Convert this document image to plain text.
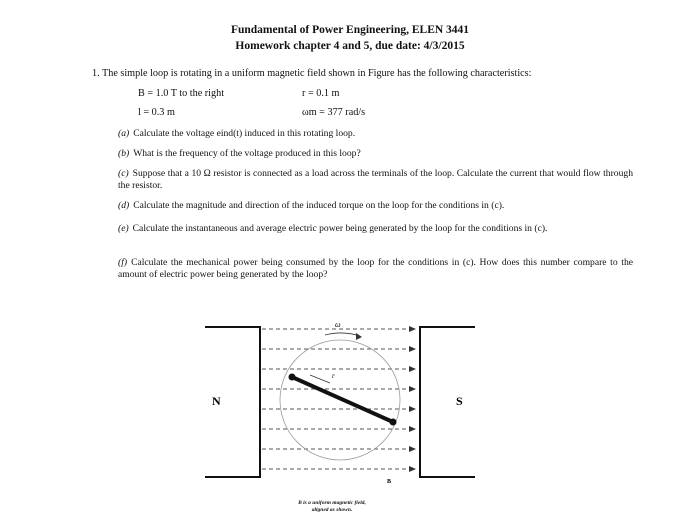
Fundamental of Power Engineering, ELEN 3441
Homework chapter 4 and 5, due date: 4/3/2015
1. The simple loop is rotating in a uniform magnetic field shown in Figure has the following characteristics:
B = 1.0 T to the right	r = 0.1 m
l = 0.3 m	ωm = 377 rad/s
(a) Calculate the voltage eind(t) induced in this rotating loop.
(b) What is the frequency of the voltage produced in this loop?
(c) Suppose that a 10 Ω resistor is connected as a load across the terminals of the loop. Calculate the current that would flow through the resistor.
(d) Calculate the magnitude and direction of the induced torque on the loop for the conditions in (c).
(e) Calculate the instantaneous and average electric power being generated by the loop for the conditions in (c).
(f) Calculate the mechanical power being consumed by the loop for the conditions in (c). How does this number compare to the amount of electric power being generated by the loop?
N	S
ω
r
B
B is a uniform magnetic field, aligned as shown.
